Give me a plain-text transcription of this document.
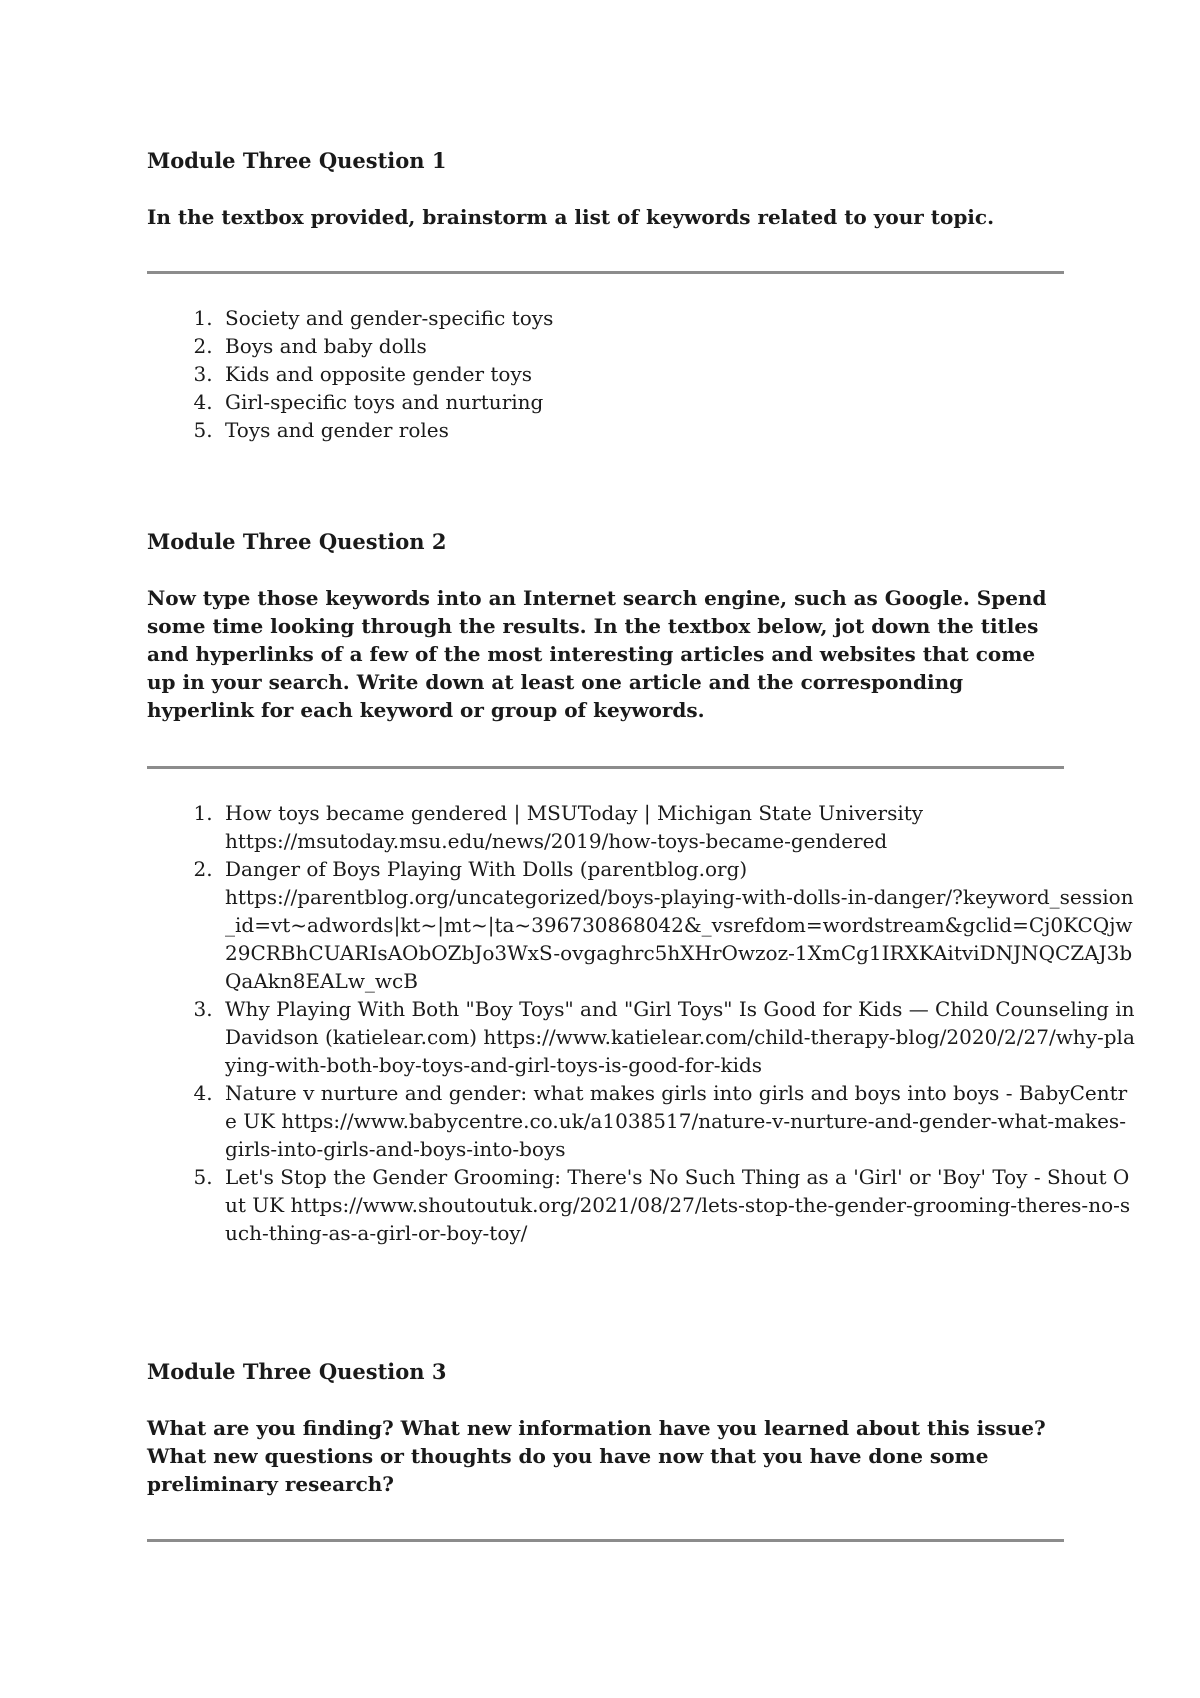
Module Three Question 1

In the textbox provided, brainstorm a list of keywords related to your topic.

1. Society and gender-specific toys
2. Boys and baby dolls
3. Kids and opposite gender toys
4. Girl-specific toys and nurturing
5. Toys and gender roles

Module Three Question 2

Now type those keywords into an Internet search engine, such as Google. Spend some time looking through the results. In the textbox below, jot down the titles and hyperlinks of a few of the most interesting articles and websites that come up in your search. Write down at least one article and the corresponding hyperlink for each keyword or group of keywords.

1. How toys became gendered | MSUToday | Michigan State University
https://msutoday.msu.edu/news/2019/how-toys-became-gendered
2. Danger of Boys Playing With Dolls (parentblog.org)
https://parentblog.org/uncategorized/boys-playing-with-dolls-in-danger/?keyword_session_id=vt~adwords|kt~|mt~|ta~396730868042&_vsrefdom=wordstream&gclid=Cj0KCQjw29CRBhCUARIsAObOZbJo3WxS-ovgaghrc5hXHrOwzoz-1XmCg1IRXKAitviDNJNQCZAJ3bQaAkn8EALw_wcB
3. Why Playing With Both "Boy Toys" and "Girl Toys" Is Good for Kids — Child Counseling in Davidson (katielear.com) https://www.katielear.com/child-therapy-blog/2020/2/27/why-playing-with-both-boy-toys-and-girl-toys-is-good-for-kids
4. Nature v nurture and gender: what makes girls into girls and boys into boys - BabyCentre UK https://www.babycentre.co.uk/a1038517/nature-v-nurture-and-gender-what-makes-girls-into-girls-and-boys-into-boys
5. Let's Stop the Gender Grooming: There's No Such Thing as a 'Girl' or 'Boy' Toy - Shout Out UK https://www.shoutoutuk.org/2021/08/27/lets-stop-the-gender-grooming-theres-no-such-thing-as-a-girl-or-boy-toy/

Module Three Question 3

What are you finding? What new information have you learned about this issue? What new questions or thoughts do you have now that you have done some preliminary research?
